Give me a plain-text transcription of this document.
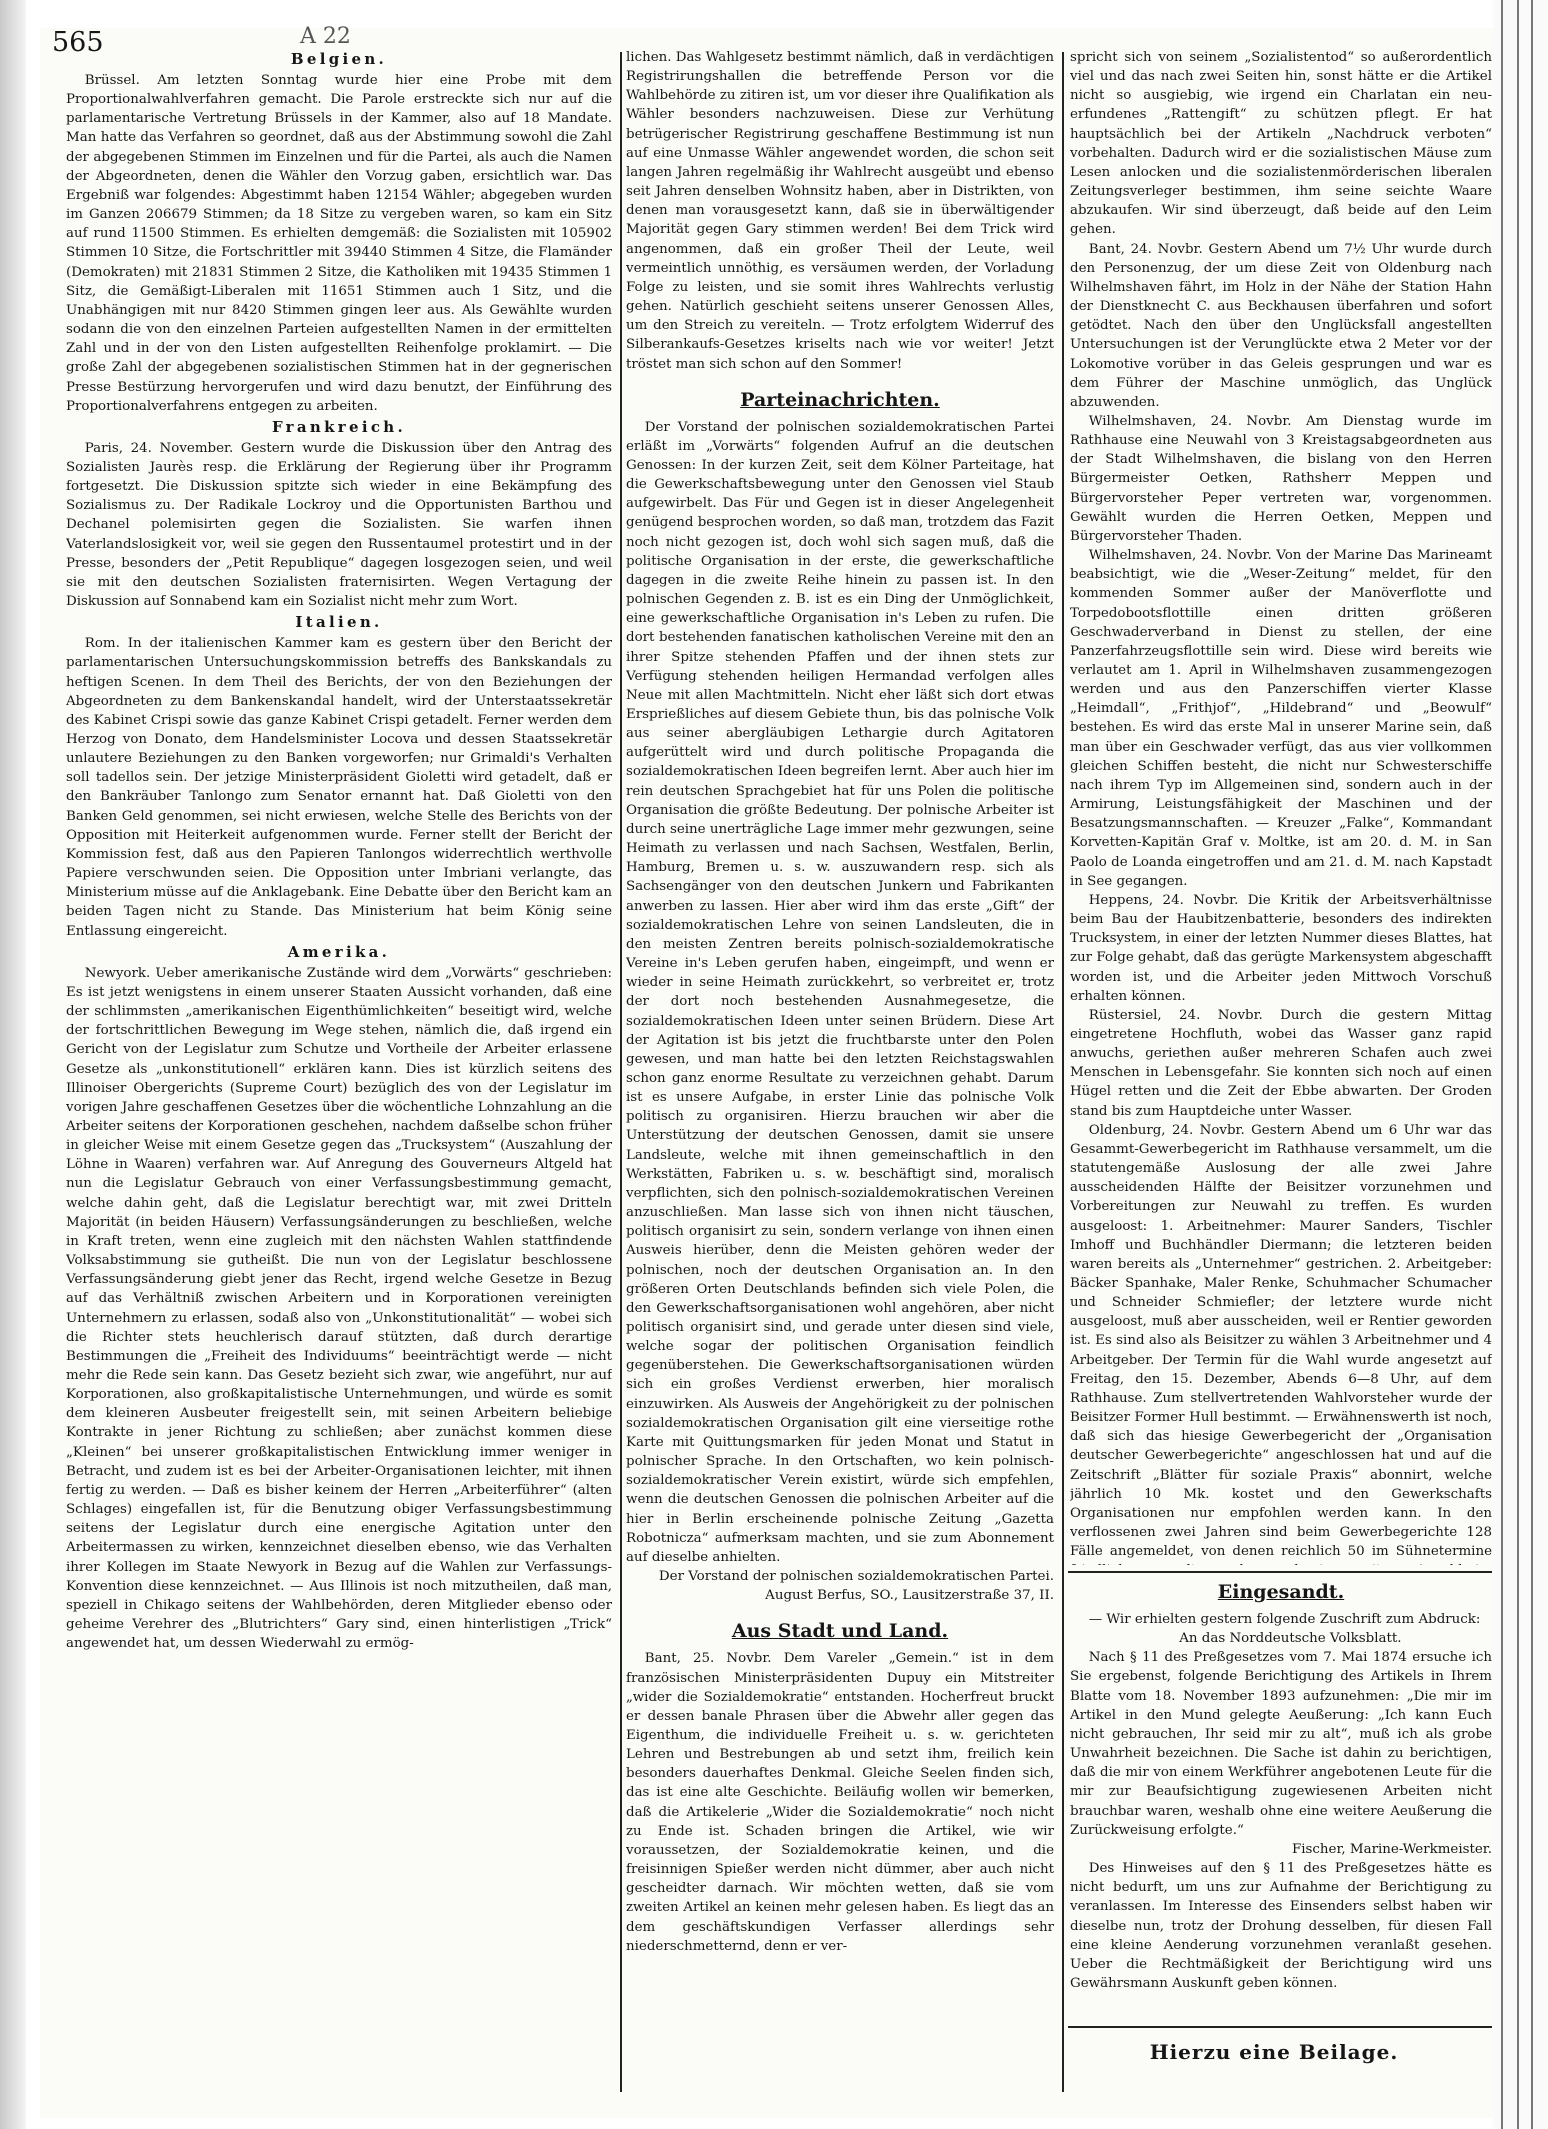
565	A 22
Belgien.

Brüssel. Am letzten Sonntag wurde hier eine Probe mit dem Proportionalwahlverfahren gemacht. Die Parole erstreckte sich nur auf die parlamentarische Vertretung Brüssels in der Kammer, also auf 18 Mandate. Man hatte das Verfahren so geordnet, daß aus der Abstimmung sowohl die Zahl der abgegebenen Stimmen im Einzelnen und für die Partei, als auch die Namen der Abgeordneten, denen die Wähler den Vorzug gaben, ersichtlich war. Das Ergebniß war folgendes: Abgestimmt haben 12154 Wähler; abgegeben wurden im Ganzen 206679 Stimmen; da 18 Sitze zu vergeben waren, so kam ein Sitz auf rund 11500 Stimmen. Es erhielten demgemäß: die Sozialisten mit 105902 Stimmen 10 Sitze, die Fortschrittler mit 39440 Stimmen 4 Sitze, die Flamänder (Demokraten) mit 21831 Stimmen 2 Sitze, die Katholiken mit 19435 Stimmen 1 Sitz, die Gemäßigt-Liberalen mit 11651 Stimmen auch 1 Sitz, und die Unabhängigen mit nur 8420 Stimmen gingen leer aus. Als Gewählte wurden sodann die von den einzelnen Parteien aufgestellten Namen in der ermittelten Zahl und in der von den Listen aufgestellten Reihenfolge proklamirt. — Die große Zahl der abgegebenen sozialistischen Stimmen hat in der gegnerischen Presse Bestürzung hervorgerufen und wird dazu benutzt, der Einführung des Proportionalverfahrens entgegen zu arbeiten.

Frankreich.

Paris, 24. November. Gestern wurde die Diskussion über den Antrag des Sozialisten Jaurès resp. die Erklärung der Regierung über ihr Programm fortgesetzt. Die Diskussion spitzte sich wieder in eine Bekämpfung des Sozialismus zu. Der Radikale Lockroy und die Opportunisten Barthou und Dechanel polemisirten gegen die Sozialisten. Sie warfen ihnen Vaterlandslosigkeit vor, weil sie gegen den Russentaumel protestirt und in der Presse, besonders der „Petit Republique“ dagegen losgezogen seien, und weil sie mit den deutschen Sozialisten fraternisirten. Wegen Vertagung der Diskussion auf Sonnabend kam ein Sozialist nicht mehr zum Wort.

Italien.

Rom. In der italienischen Kammer kam es gestern über den Bericht der parlamentarischen Untersuchungskommission betreffs des Bankskandals zu heftigen Scenen. In dem Theil des Berichts, der von den Beziehungen der Abgeordneten zu dem Bankenskandal handelt, wird der Unterstaatssekretär des Kabinet Crispi sowie das ganze Kabinet Crispi getadelt. Ferner werden dem Herzog von Donato, dem Handelsminister Locova und dessen Staatssekretär unlautere Beziehungen zu den Banken vorgeworfen; nur Grimaldi's Verhalten soll tadellos sein. Der jetzige Ministerpräsident Gioletti wird getadelt, daß er den Bankräuber Tanlongo zum Senator ernannt hat. Daß Gioletti von den Banken Geld genommen, sei nicht erwiesen, welche Stelle des Berichts von der Opposition mit Heiterkeit aufgenommen wurde. Ferner stellt der Bericht der Kommission fest, daß aus den Papieren Tanlongos widerrechtlich werthvolle Papiere verschwunden seien. Die Opposition unter Imbriani verlangte, das Ministerium müsse auf die Anklagebank. Eine Debatte über den Bericht kam an beiden Tagen nicht zu Stande. Das Ministerium hat beim König seine Entlassung eingereicht.

Amerika.

Newyork. Ueber amerikanische Zustände wird dem „Vorwärts“ geschrieben: Es ist jetzt wenigstens in einem unserer Staaten Aussicht vorhanden, daß eine der schlimmsten „amerikanischen Eigenthümlichkeiten“ beseitigt wird, welche der fortschrittlichen Bewegung im Wege stehen, nämlich die, daß irgend ein Gericht von der Legislatur zum Schutze und Vortheile der Arbeiter erlassene Gesetze als „unkonstitutionell“ erklären kann. Dies ist kürzlich seitens des Illinoiser Obergerichts (Supreme Court) bezüglich des von der Legislatur im vorigen Jahre geschaffenen Gesetzes über die wöchentliche Lohnzahlung an die Arbeiter seitens der Korporationen geschehen, nachdem daßselbe schon früher in gleicher Weise mit einem Gesetze gegen das „Trucksystem“ (Auszahlung der Löhne in Waaren) verfahren war. Auf Anregung des Gouverneurs Altgeld hat nun die Legislatur Gebrauch von einer Verfassungsbestimmung gemacht, welche dahin geht, daß die Legislatur berechtigt war, mit zwei Dritteln Majorität (in beiden Häusern) Verfassungsänderungen zu beschließen, welche in Kraft treten, wenn eine zugleich mit den nächsten Wahlen stattfindende Volksabstimmung sie gutheißt. Die nun von der Legislatur beschlossene Verfassungsänderung giebt jener das Recht, irgend welche Gesetze in Bezug auf das Verhältniß zwischen Arbeitern und in Korporationen vereinigten Unternehmern zu erlassen, sodaß also von „Unkonstitutionalität“ — wobei sich die Richter stets heuchlerisch darauf stützten, daß durch derartige Bestimmungen die „Freiheit des Individuums“ beeinträchtigt werde — nicht mehr die Rede sein kann. Das Gesetz bezieht sich zwar, wie angeführt, nur auf Korporationen, also großkapitalistische Unternehmungen, und würde es somit dem kleineren Ausbeuter freigestellt sein, mit seinen Arbeitern beliebige Kontrakte in jener Richtung zu schließen; aber zunächst kommen diese „Kleinen“ bei unserer großkapitalistischen Entwicklung immer weniger in Betracht, und zudem ist es bei der Arbeiter-Organisationen leichter, mit ihnen fertig zu werden. — Daß es bisher keinem der Herren „Arbeiterführer“ (alten Schlages) eingefallen ist, für die Benutzung obiger Verfassungsbestimmung seitens der Legislatur durch eine energische Agitation unter den Arbeitermassen zu wirken, kennzeichnet dieselben ebenso, wie das Verhalten ihrer Kollegen im Staate Newyork in Bezug auf die Wahlen zur Verfassungs-Konvention diese kennzeichnet. — Aus Illinois ist noch mitzutheilen, daß man, speziell in Chikago seitens der Wahlbehörden, deren Mitglieder ebenso oder geheime Verehrer des „Blutrichters“ Gary sind, einen hinterlistigen „Trick“ angewendet hat, um dessen Wiederwahl zu ermög-

lichen. Das Wahlgesetz bestimmt nämlich, daß in verdächtigen Registrirungshallen die betreffende Person vor die Wahlbehörde zu zitiren ist, um vor dieser ihre Qualifikation als Wähler besonders nachzuweisen. Diese zur Verhütung betrügerischer Registrirung geschaffene Bestimmung ist nun auf eine Unmasse Wähler angewendet worden, die schon seit langen Jahren regelmäßig ihr Wahlrecht ausgeübt und ebenso seit Jahren denselben Wohnsitz haben, aber in Distrikten, von denen man vorausgesetzt kann, daß sie in überwältigender Majorität gegen Gary stimmen werden! Bei dem Trick wird angenommen, daß ein großer Theil der Leute, weil vermeintlich unnöthig, es versäumen werden, der Vorladung Folge zu leisten, und sie somit ihres Wahlrechts verlustig gehen. Natürlich geschieht seitens unserer Genossen Alles, um den Streich zu vereiteln. — Trotz erfolgtem Widerruf des Silberankaufs-Gesetzes kriselts nach wie vor weiter! Jetzt tröstet man sich schon auf den Sommer!

Parteinachrichten.

Der Vorstand der polnischen sozialdemokratischen Partei erläßt im „Vorwärts“ folgenden Aufruf an die deutschen Genossen: In der kurzen Zeit, seit dem Kölner Parteitage, hat die Gewerkschaftsbewegung unter den Genossen viel Staub aufgewirbelt. Das Für und Gegen ist in dieser Angelegenheit genügend besprochen worden, so daß man, trotzdem das Fazit noch nicht gezogen ist, doch wohl sich sagen muß, daß die politische Organisation in der erste, die gewerkschaftliche dagegen in die zweite Reihe hinein zu passen ist. In den polnischen Gegenden z. B. ist es ein Ding der Unmöglichkeit, eine gewerkschaftliche Organisation in's Leben zu rufen. Die dort bestehenden fanatischen katholischen Vereine mit den an ihrer Spitze stehenden Pfaffen und der ihnen stets zur Verfügung stehenden heiligen Hermandad verfolgen alles Neue mit allen Machtmitteln. Nicht eher läßt sich dort etwas Ersprießliches auf diesem Gebiete thun, bis das polnische Volk aus seiner abergläubigen Lethargie durch Agitatoren aufgerüttelt wird und durch politische Propaganda die sozialdemokratischen Ideen begreifen lernt. Aber auch hier im rein deutschen Sprachgebiet hat für uns Polen die politische Organisation die größte Bedeutung. Der polnische Arbeiter ist durch seine unerträgliche Lage immer mehr gezwungen, seine Heimath zu verlassen und nach Sachsen, Westfalen, Berlin, Hamburg, Bremen u. s. w. auszuwandern resp. sich als Sachsengänger von den deutschen Junkern und Fabrikanten anwerben zu lassen. Hier aber wird ihm das erste „Gift“ der sozialdemokratischen Lehre von seinen Landsleuten, die in den meisten Zentren bereits polnisch-sozialdemokratische Vereine in's Leben gerufen haben, eingeimpft, und wenn er wieder in seine Heimath zurückkehrt, so verbreitet er, trotz der dort noch bestehenden Ausnahmegesetze, die sozialdemokratischen Ideen unter seinen Brüdern. Diese Art der Agitation ist bis jetzt die fruchtbarste unter den Polen gewesen, und man hatte bei den letzten Reichstagswahlen schon ganz enorme Resultate zu verzeichnen gehabt. Darum ist es unsere Aufgabe, in erster Linie das polnische Volk politisch zu organisiren. Hierzu brauchen wir aber die Unterstützung der deutschen Genossen, damit sie unsere Landsleute, welche mit ihnen gemeinschaftlich in den Werkstätten, Fabriken u. s. w. beschäftigt sind, moralisch verpflichten, sich den polnisch-sozialdemokratischen Vereinen anzuschließen. Man lasse sich von ihnen nicht täuschen, politisch organisirt zu sein, sondern verlange von ihnen einen Ausweis hierüber, denn die Meisten gehören weder der polnischen, noch der deutschen Organisation an. In den größeren Orten Deutschlands befinden sich viele Polen, die den Gewerkschaftsorganisationen wohl angehören, aber nicht politisch organisirt sind, und gerade unter diesen sind viele, welche sogar der politischen Organisation feindlich gegenüberstehen. Die Gewerkschaftsorganisationen würden sich ein großes Verdienst erwerben, hier moralisch einzuwirken. Als Ausweis der Angehörigkeit zu der polnischen sozialdemokratischen Organisation gilt eine vierseitige rothe Karte mit Quittungsmarken für jeden Monat und Statut in polnischer Sprache. In den Ortschaften, wo kein polnisch-sozialdemokratischer Verein existirt, würde sich empfehlen, wenn die deutschen Genossen die polnischen Arbeiter auf die hier in Berlin erscheinende polnische Zeitung „Gazetta Robotnicza“ aufmerksam machten, und sie zum Abonnement auf dieselbe anhielten.

Der Vorstand der polnischen sozialdemokratischen Partei.

August Berfus, SO., Lausitzerstraße 37, II.

Aus Stadt und Land.

Bant, 25. Novbr. Dem Vareler „Gemein.“ ist in dem französischen Ministerpräsidenten Dupuy ein Mitstreiter „wider die Sozialdemokratie“ entstanden. Hocherfreut bruckt er dessen banale Phrasen über die Abwehr aller gegen das Eigenthum, die individuelle Freiheit u. s. w. gerichteten Lehren und Bestrebungen ab und setzt ihm, freilich kein besonders dauerhaftes Denkmal. Gleiche Seelen finden sich, das ist eine alte Geschichte. Beiläufig wollen wir bemerken, daß die Artikelerie „Wider die Sozialdemokratie“ noch nicht zu Ende ist. Schaden bringen die Artikel, wie wir voraussetzen, der Sozialdemokratie keinen, und die freisinnigen Spießer werden nicht dümmer, aber auch nicht gescheidter darnach. Wir möchten wetten, daß sie vom zweiten Artikel an keinen mehr gelesen haben. Es liegt das an dem geschäftskundigen Verfasser allerdings sehr niederschmetternd, denn er ver-

spricht sich von seinem „Sozialistentod“ so außerordentlich viel und das nach zwei Seiten hin, sonst hätte er die Artikel nicht so ausgiebig, wie irgend ein Charlatan ein neu-erfundenes „Rattengift“ zu schützen pflegt. Er hat hauptsächlich bei der Artikeln „Nachdruck verboten“ vorbehalten. Dadurch wird er die sozialistischen Mäuse zum Lesen anlocken und die sozialistenmörderischen liberalen Zeitungsverleger bestimmen, ihm seine seichte Waare abzukaufen. Wir sind überzeugt, daß beide auf den Leim gehen.

Bant, 24. Novbr. Gestern Abend um 7½ Uhr wurde durch den Personenzug, der um diese Zeit von Oldenburg nach Wilhelmshaven fährt, im Holz in der Nähe der Station Hahn der Dienstknecht C. aus Beckhausen überfahren und sofort getödtet. Nach den über den Unglücksfall angestellten Untersuchungen ist der Verunglückte etwa 2 Meter vor der Lokomotive vorüber in das Geleis gesprungen und war es dem Führer der Maschine unmöglich, das Unglück abzuwenden.

Wilhelmshaven, 24. Novbr. Am Dienstag wurde im Rathhause eine Neuwahl von 3 Kreistagsabgeordneten aus der Stadt Wilhelmshaven, die bislang von den Herren Bürgermeister Oetken, Rathsherr Meppen und Bürgervorsteher Peper vertreten war, vorgenommen. Gewählt wurden die Herren Oetken, Meppen und Bürgervorsteher Thaden.

Wilhelmshaven, 24. Novbr. Von der Marine Das Marineamt beabsichtigt, wie die „Weser-Zeitung“ meldet, für den kommenden Sommer außer der Manöverflotte und Torpedobootsflottille einen dritten größeren Geschwaderverband in Dienst zu stellen, der eine Panzerfahrzeugsflottille sein wird. Diese wird bereits wie verlautet am 1. April in Wilhelmshaven zusammengezogen werden und aus den Panzerschiffen vierter Klasse „Heimdall“, „Frithjof“, „Hildebrand“ und „Beowulf“ bestehen. Es wird das erste Mal in unserer Marine sein, daß man über ein Geschwader verfügt, das aus vier vollkommen gleichen Schiffen besteht, die nicht nur Schwesterschiffe nach ihrem Typ im Allgemeinen sind, sondern auch in der Armirung, Leistungsfähigkeit der Maschinen und der Besatzungsmannschaften. — Kreuzer „Falke“, Kommandant Korvetten-Kapitän Graf v. Moltke, ist am 20. d. M. in San Paolo de Loanda eingetroffen und am 21. d. M. nach Kapstadt in See gegangen.

Heppens, 24. Novbr. Die Kritik der Arbeitsverhältnisse beim Bau der Haubitzenbatterie, besonders des indirekten Trucksystem, in einer der letzten Nummer dieses Blattes, hat zur Folge gehabt, daß das gerügte Markensystem abgeschafft worden ist, und die Arbeiter jeden Mittwoch Vorschuß erhalten können.

Rüstersiel, 24. Novbr. Durch die gestern Mittag eingetretene Hochfluth, wobei das Wasser ganz rapid anwuchs, geriethen außer mehreren Schafen auch zwei Menschen in Lebensgefahr. Sie konnten sich noch auf einen Hügel retten und die Zeit der Ebbe abwarten. Der Groden stand bis zum Hauptdeiche unter Wasser.

Oldenburg, 24. Novbr. Gestern Abend um 6 Uhr war das Gesammt-Gewerbegericht im Rathhause versammelt, um die statutengemäße Auslosung der alle zwei Jahre ausscheidenden Hälfte der Beisitzer vorzunehmen und Vorbereitungen zur Neuwahl zu treffen. Es wurden ausgeloost: 1. Arbeitnehmer: Maurer Sanders, Tischler Imhoff und Buchhändler Diermann; die letzteren beiden waren bereits als „Unternehmer“ gestrichen. 2. Arbeitgeber: Bäcker Spanhake, Maler Renke, Schuhmacher Schumacher und Schneider Schmiefler; der letztere wurde nicht ausgeloost, muß aber ausscheiden, weil er Rentier geworden ist. Es sind also als Beisitzer zu wählen 3 Arbeitnehmer und 4 Arbeitgeber. Der Termin für die Wahl wurde angesetzt auf Freitag, den 15. Dezember, Abends 6—8 Uhr, auf dem Rathhause. Zum stellvertretenden Wahlvorsteher wurde der Beisitzer Former Hull bestimmt. — Erwähnenswerth ist noch, daß sich das hiesige Gewerbegericht der „Organisation deutscher Gewerbegerichte“ angeschlossen hat und auf die Zeitschrift „Blätter für soziale Praxis“ abonnirt, welche jährlich 10 Mk. kostet und den Gewerkschafts Organisationen nur empfohlen werden kann. In den verflossenen zwei Jahren sind beim Gewerbegerichte 128 Fälle angemeldet, von denen reichlich 50 im Sühnetermine

Eingesandt.

— Wir erhielten gestern folgende Zuschrift zum Abdruck:

An das Norddeutsche Volksblatt.

Nach § 11 des Preßgesetzes vom 7. Mai 1874 ersuche ich Sie ergebenst, folgende Berichtigung des Artikels in Ihrem Blatte vom 18. November 1893 aufzunehmen: „Die mir im Artikel in den Mund gelegte Aeußerung: „Ich kann Euch nicht gebrauchen, Ihr seid mir zu alt“, muß ich als grobe Unwahrheit bezeichnen. Die Sache ist dahin zu berichtigen, daß die mir von einem Werkführer angebotenen Leute für die mir zur Beaufsichtigung zugewiesenen Arbeiten nicht brauchbar waren, weshalb ohne eine weitere Aeußerung die Zurückweisung erfolgte.“

Fischer, Marine-Werkmeister.

Des Hinweises auf den § 11 des Preßgesetzes hätte es nicht bedurft, um uns zur Aufnahme der Berichtigung zu veranlassen. Im Interesse des Einsenders selbst haben wir dieselbe nun, trotz der Drohung desselben, für diesen Fall eine kleine Aenderung vorzunehmen veranlaßt gesehen. Ueber die Rechtmäßigkeit der Berichtigung wird uns Gewährsmann Auskunft geben können.

Hierzu eine Beilage.
